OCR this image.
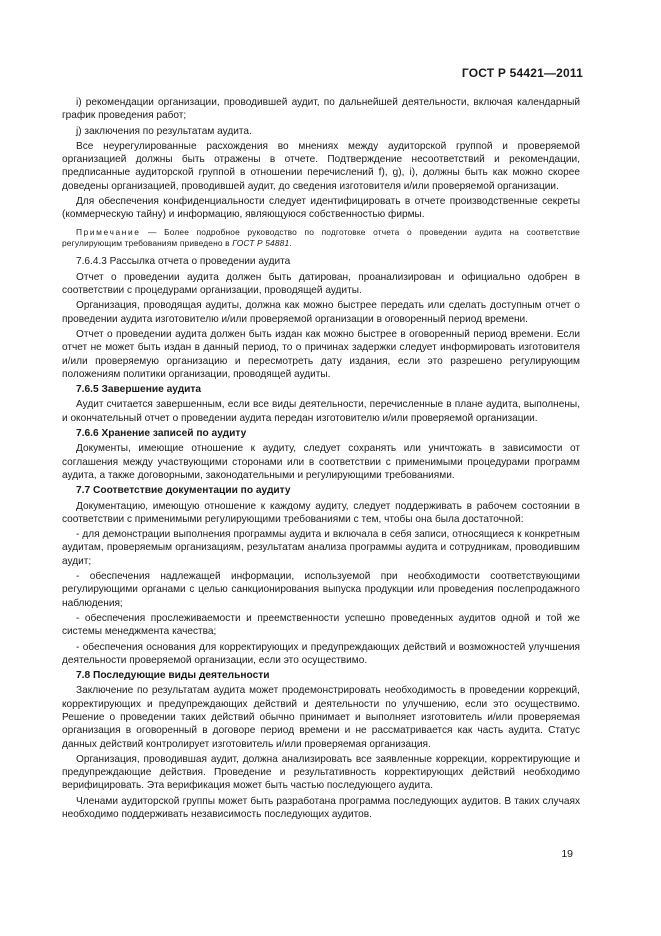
ГОСТ Р 54421—2011

i) рекомендации организации, проводившей аудит, по дальнейшей деятельности, включая календарный график проведения работ;

j) заключения по результатам аудита.

Все неурегулированные расхождения во мнениях между аудиторской группой и проверяемой организацией должны быть отражены в отчете. Подтверждение несоответствий и рекомендации, предписанные аудиторской группой в отношении перечислений f), g), i), должны быть как можно скорее доведены организацией, проводившей аудит, до сведения изготовителя и/или проверяемой организации.

Для обеспечения конфиденциальности следует идентифицировать в отчете производственные секреты (коммерческую тайну) и информацию, являющуюся собственностью фирмы.

Примечание — Более подробное руководство по подготовке отчета о проведении аудита на соответствие регулирующим требованиям приведено в ГОСТ Р 54881.

7.6.4.3 Рассылка отчета о проведении аудита

Отчет о проведении аудита должен быть датирован, проанализирован и официально одобрен в соответствии с процедурами организации, проводящей аудиты.

Организация, проводящая аудиты, должна как можно быстрее передать или сделать доступным отчет о проведении аудита изготовителю и/или проверяемой организации в оговоренный период времени.

Отчет о проведении аудита должен быть издан как можно быстрее в оговоренный период времени. Если отчет не может быть издан в данный период, то о причинах задержки следует информировать изготовителя и/или проверяемую организацию и пересмотреть дату издания, если это разрешено регулирующим положениям политики организации, проводящей аудиты.

7.6.5 Завершение аудита

Аудит считается завершенным, если все виды деятельности, перечисленные в плане аудита, выполнены, и окончательный отчет о проведении аудита передан изготовителю и/или проверяемой организации.

7.6.6 Хранение записей по аудиту

Документы, имеющие отношение к аудиту, следует сохранять или уничтожать в зависимости от соглашения между участвующими сторонами или в соответствии с применимыми процедурами программ аудита, а также договорными, законодательными и регулирующими требованиями.

7.7 Соответствие документации по аудиту

Документацию, имеющую отношение к каждому аудиту, следует поддерживать в рабочем состоянии в соответствии с применимыми регулирующими требованиями с тем, чтобы она была достаточной:

- для демонстрации выполнения программы аудита и включала в себя записи, относящиеся к конкретным аудитам, проверяемым организациям, результатам анализа программы аудита и сотрудникам, проводившим аудит;

- обеспечения надлежащей информации, используемой при необходимости соответствующими регулирующими органами с целью санкционирования выпуска продукции или проведения послепродажного наблюдения;

- обеспечения прослеживаемости и преемственности успешно проведенных аудитов одной и той же системы менеджмента качества;

- обеспечения основания для корректирующих и предупреждающих действий и возможностей улучшения деятельности проверяемой организации, если это осуществимо.

7.8 Последующие виды деятельности

Заключение по результатам аудита может продемонстрировать необходимость в проведении коррекций, корректирующих и предупреждающих действий и деятельности по улучшению, если это осуществимо. Решение о проведении таких действий обычно принимает и выполняет изготовитель и/или проверяемая организация в оговоренный в договоре период времени и не рассматривается как часть аудита. Статус данных действий контролирует изготовитель и/или проверяемая организация.

Организация, проводившая аудит, должна анализировать все заявленные коррекции, корректирующие и предупреждающие действия. Проведение и результативность корректирующих действий необходимо верифицировать. Эта верификация может быть частью последующего аудита.

Членами аудиторской группы может быть разработана программа последующих аудитов. В таких случаях необходимо поддерживать независимость последующих аудитов.

19
